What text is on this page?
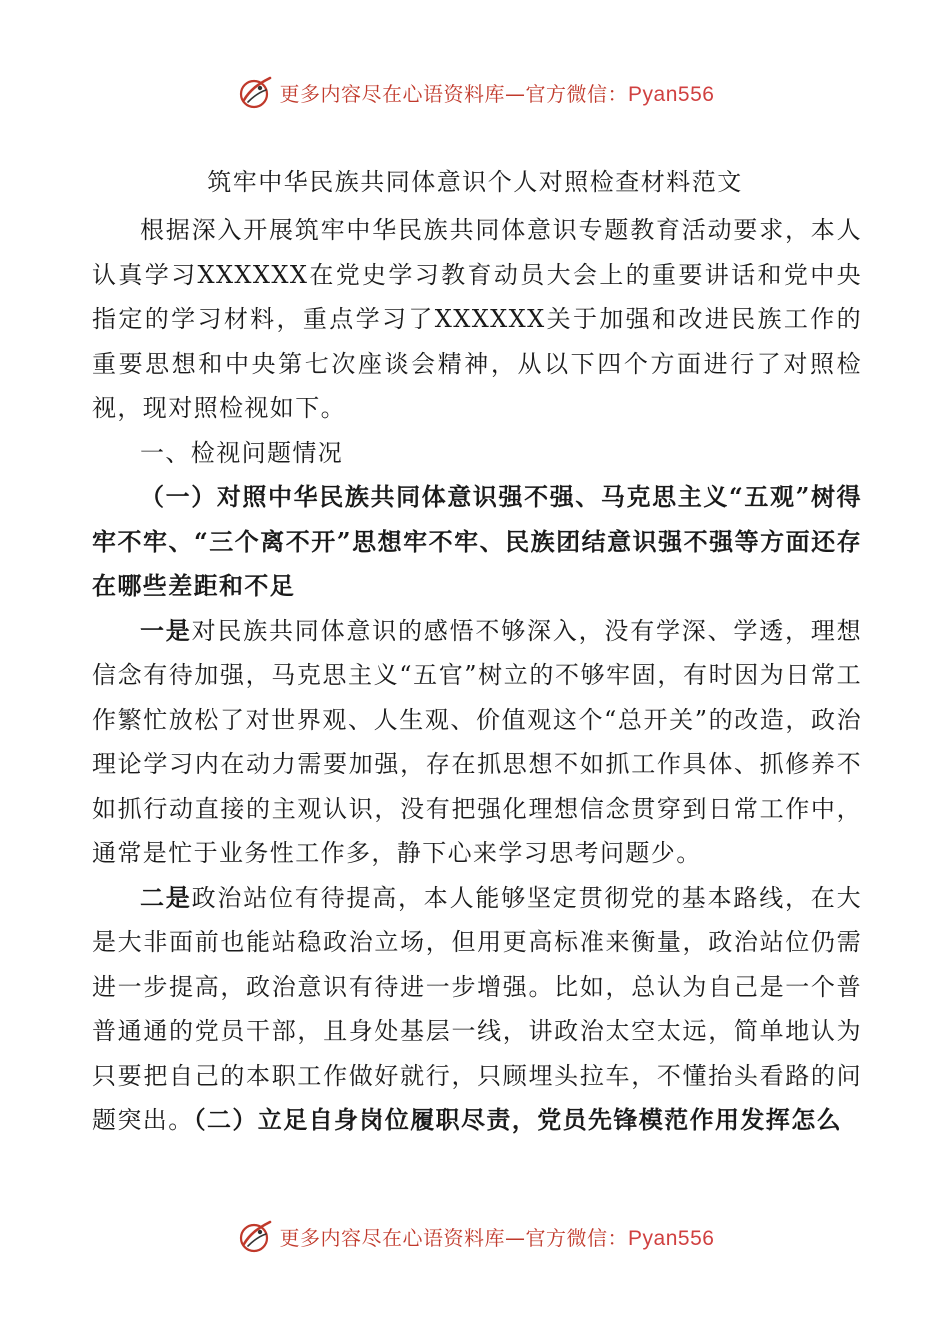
更多内容尽在心语资料库—官方微信：Pyan556
筑牢中华民族共同体意识个人对照检查材料范文

根据深入开展筑牢中华民族共同体意识专题教育活动要求，本人认真学习XXXXXX在党史学习教育动员大会上的重要讲话和党中央指定的学习材料，重点学习了XXXXXX关于加强和改进民族工作的重要思想和中央第七次座谈会精神，从以下四个方面进行了对照检视，现对照检视如下。

一、检视问题情况

（一）对照中华民族共同体意识强不强、马克思主义“五观”树得牢不牢、“三个离不开”思想牢不牢、民族团结意识强不强等方面还存在哪些差距和不足

一是对民族共同体意识的感悟不够深入，没有学深、学透，理想信念有待加强，马克思主义“五官”树立的不够牢固，有时因为日常工作繁忙放松了对世界观、人生观、价值观这个“总开关”的改造，政治理论学习内在动力需要加强，存在抓思想不如抓工作具体、抓修养不如抓行动直接的主观认识，没有把强化理想信念贯穿到日常工作中，通常是忙于业务性工作多，静下心来学习思考问题少。

二是政治站位有待提高，本人能够坚定贯彻党的基本路线，在大是大非面前也能站稳政治立场，但用更高标准来衡量，政治站位仍需进一步提高，政治意识有待进一步增强。比如，总认为自己是一个普普通通的党员干部，且身处基层一线，讲政治太空太远，简单地认为只要把自己的本职工作做好就行，只顾埋头拉车，不懂抬头看路的问题突出。（二）立足自身岗位履职尽责，党员先锋模范作用发挥怎么

更多内容尽在心语资料库—官方微信：Pyan556
